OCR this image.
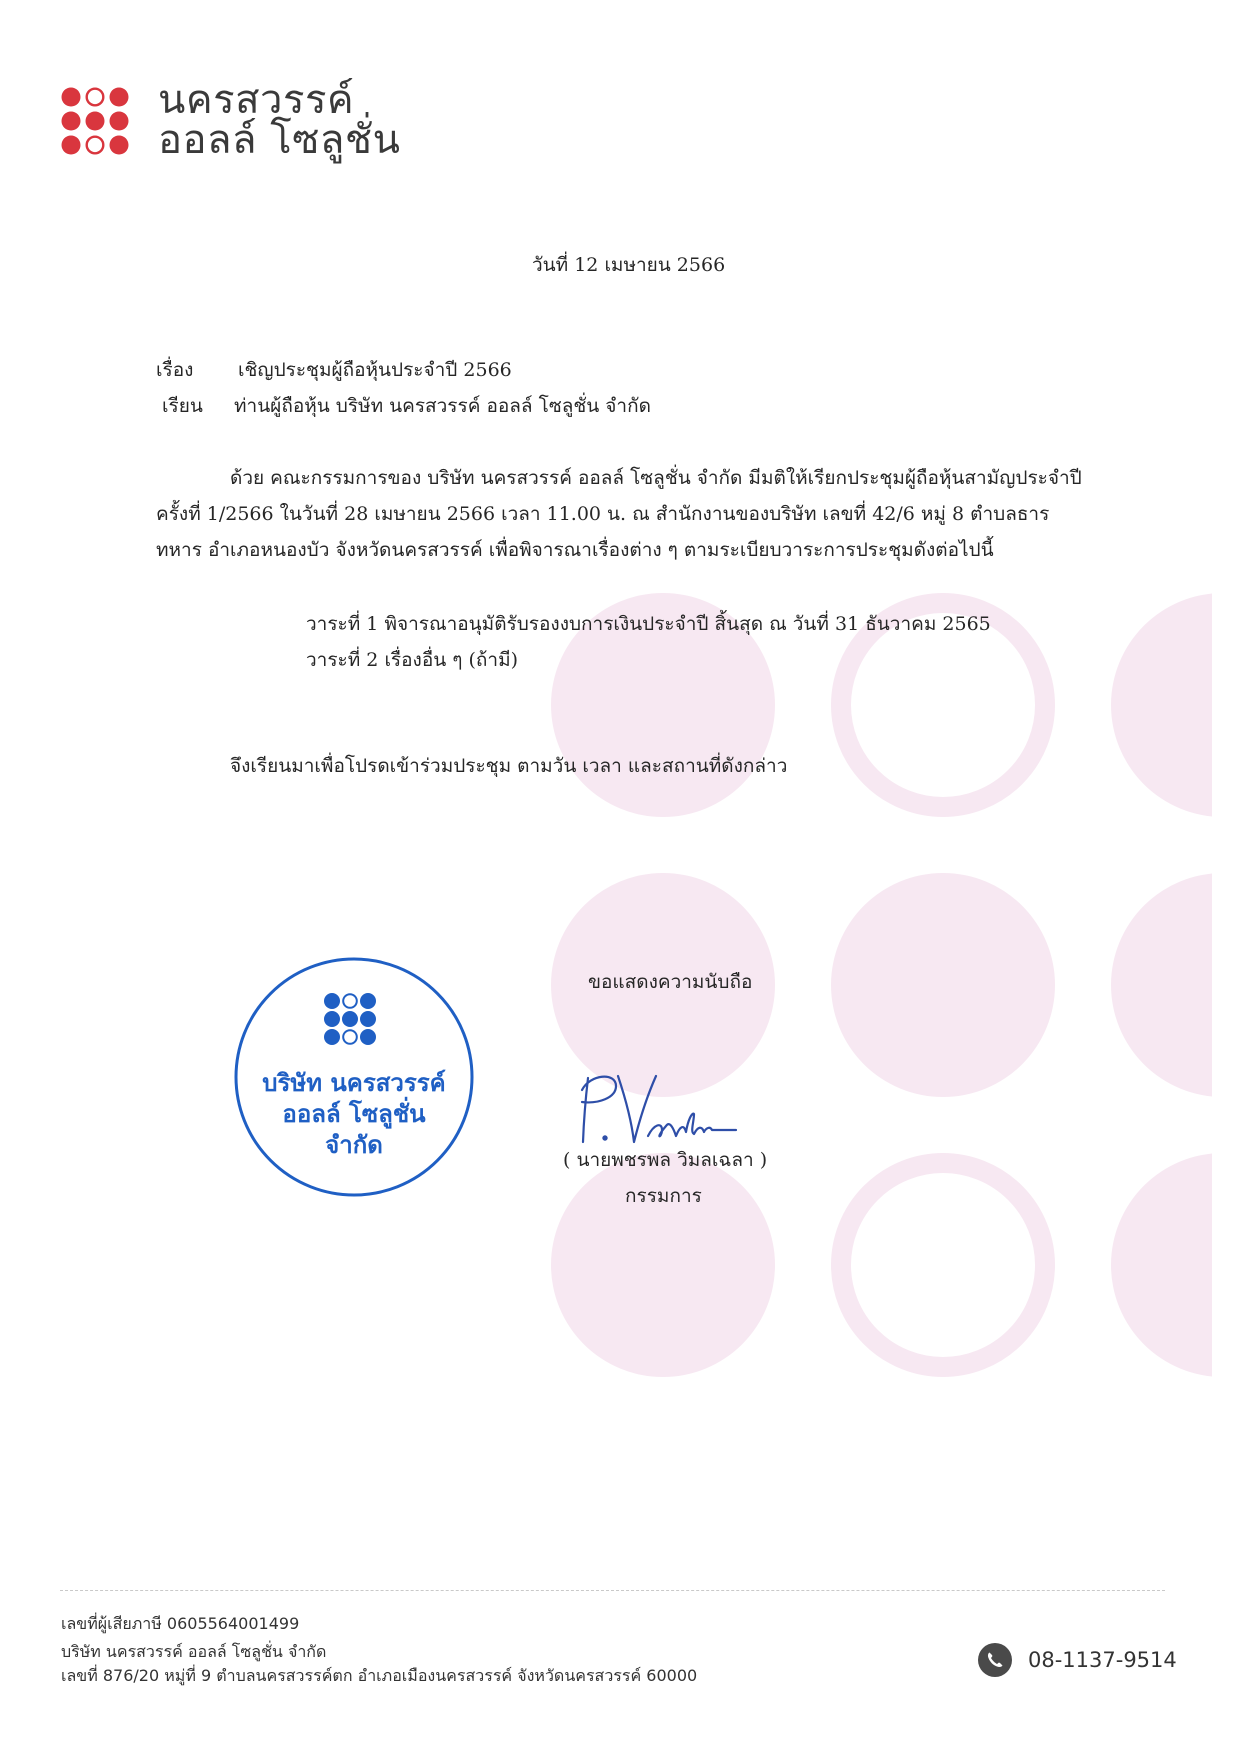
นครสวรรค์
ออลล์ โซลูชั่น
วันที่ 12 เมษายน 2566
เรื่อง เชิญประชุมผู้ถือหุ้นประจำปี 2566
เรียน ท่านผู้ถือหุ้น บริษัท นครสวรรค์ ออลล์ โซลูชั่น จำกัด
ด้วย คณะกรรมการของ บริษัท นครสวรรค์ ออลล์ โซลูชั่น จำกัด มีมติให้เรียกประชุมผู้ถือหุ้นสามัญประจำปี
ครั้งที่ 1/2566 ในวันที่ 28 เมษายน 2566 เวลา 11.00 น. ณ สำนักงานของบริษัท เลขที่ 42/6 หมู่ 8 ตำบลธาร
ทหาร อำเภอหนองบัว จังหวัดนครสวรรค์ เพื่อพิจารณาเรื่องต่าง ๆ ตามระเบียบวาระการประชุมดังต่อไปนี้
วาระที่ 1 พิจารณาอนุมัติรับรองงบการเงินประจำปี สิ้นสุด ณ วันที่ 31 ธันวาคม 2565
วาระที่ 2 เรื่องอื่น ๆ (ถ้ามี)
จึงเรียนมาเพื่อโปรดเข้าร่วมประชุม ตามวัน เวลา และสถานที่ดังกล่าว
ขอแสดงความนับถือ
บริษัท นครสวรรค์
ออลล์ โซลูชั่น
จำกัด
( นายพชรพล วิมลเฉลา )
กรรมการ
เลขที่ผู้เสียภาษี 0605564001499
บริษัท นครสวรรค์ ออลล์ โซลูชั่น จำกัด
เลขที่ 876/20 หมู่ที่ 9 ตำบลนครสวรรค์ตก อำเภอเมืองนครสวรรค์ จังหวัดนครสวรรค์ 60000
08-1137-9514
